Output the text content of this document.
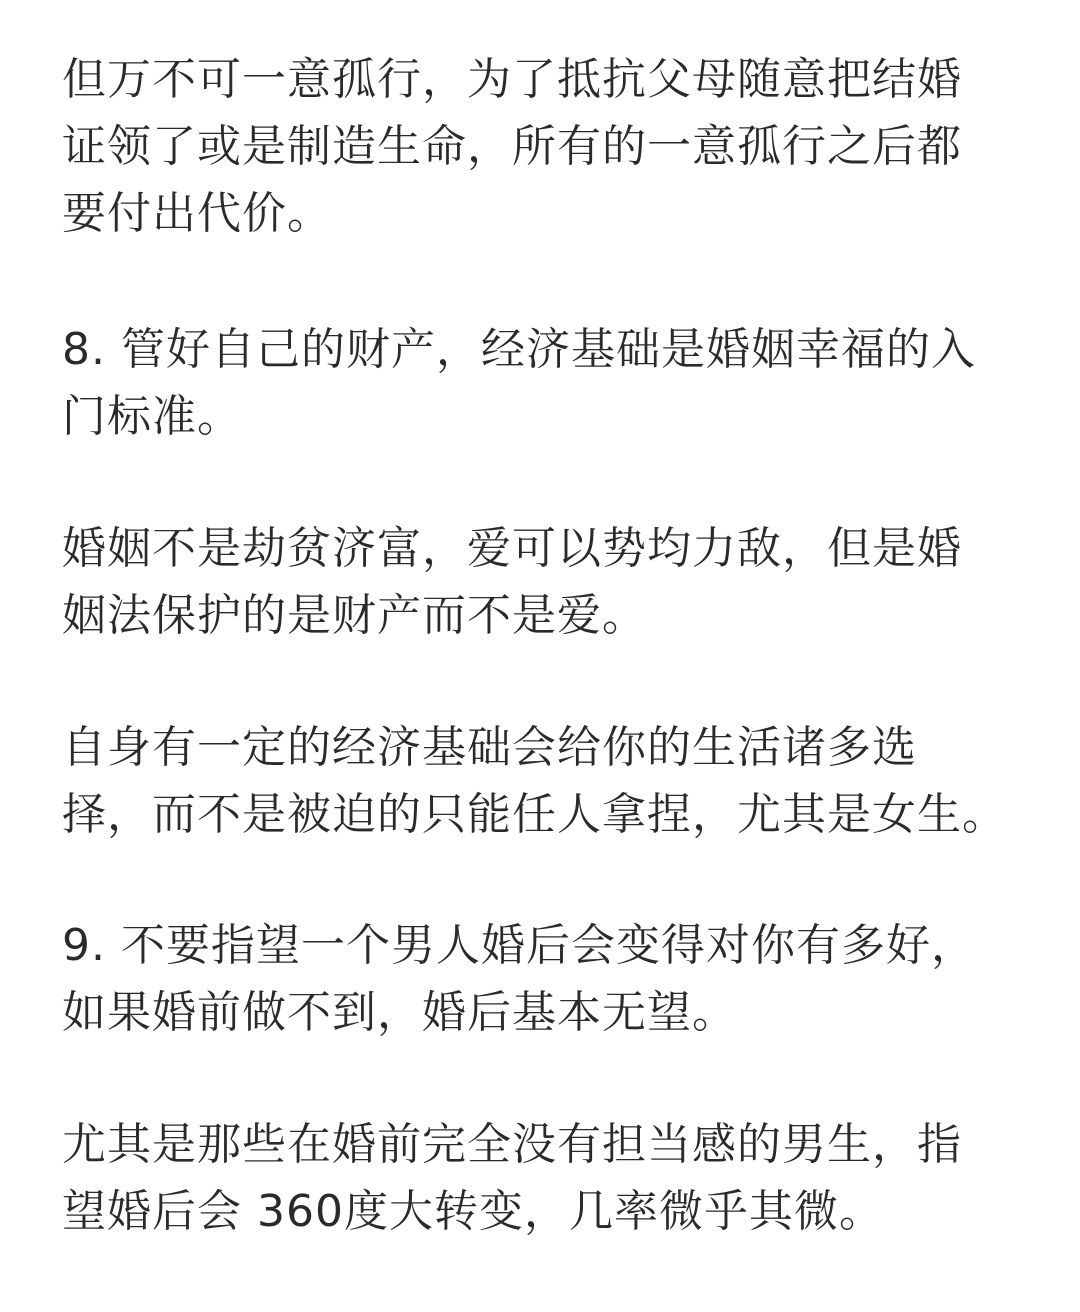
但万不可一意孤行，为了抵抗父母随意把结婚
证领了或是制造生命，所有的一意孤行之后都
要付出代价。

8. 管好自己的财产，经济基础是婚姻幸福的入
门标准。

婚姻不是劫贫济富，爱可以势均力敌，但是婚
姻法保护的是财产而不是爱。

自身有一定的经济基础会给你的生活诸多选
择，而不是被迫的只能任人拿捏，尤其是女生。

9. 不要指望一个男人婚后会变得对你有多好，
如果婚前做不到，婚后基本无望。

尤其是那些在婚前完全没有担当感的男生，指
望婚后会 360度大转变，几率微乎其微。
